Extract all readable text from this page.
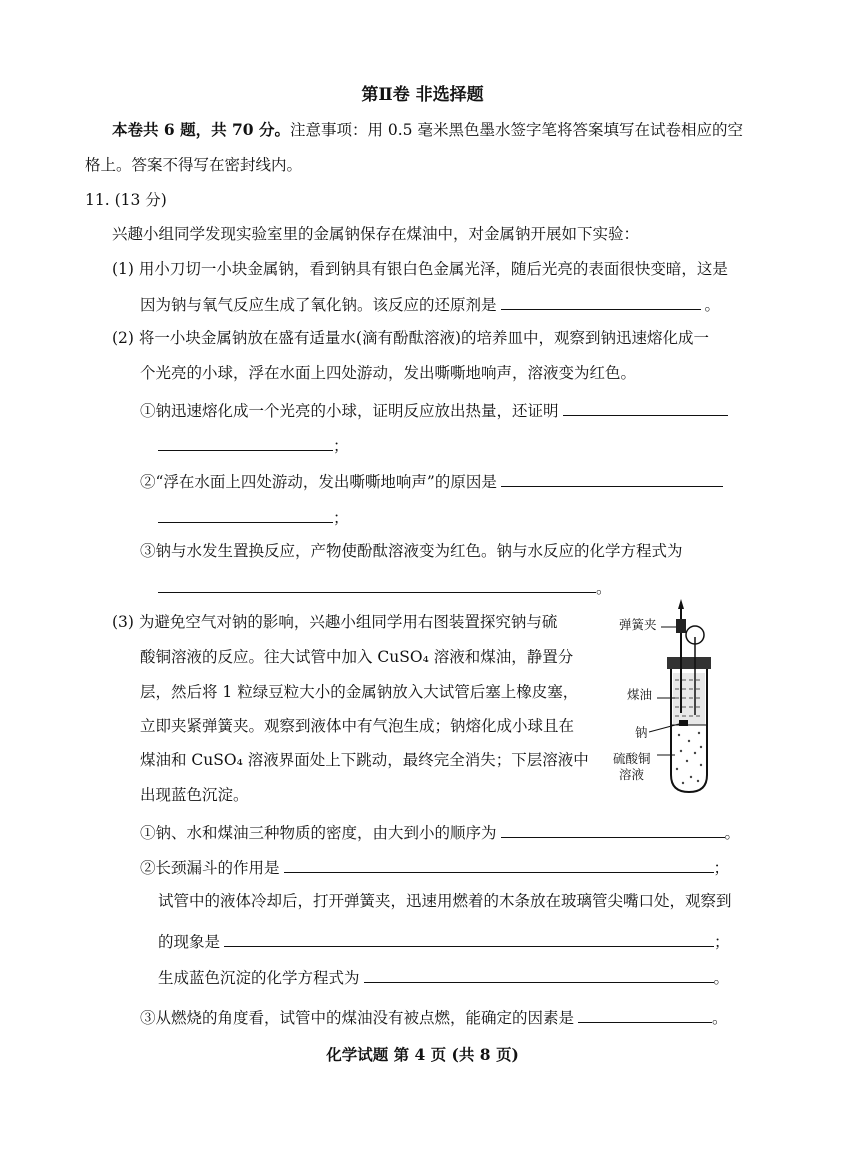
第Ⅱ卷 非选择题
本卷共 6 题，共 70 分。注意事项：用 0.5 毫米黑色墨水签字笔将答案填写在试卷相应的空
格上。答案不得写在密封线内。
11. (13 分)
兴趣小组同学发现实验室里的金属钠保存在煤油中，对金属钠开展如下实验：
(1) 用小刀切一小块金属钠，看到钠具有银白色金属光泽，随后光亮的表面很快变暗，这是
因为钠与氧气反应生成了氧化钠。该反应的还原剂是	。
(2) 将一小块金属钠放在盛有适量水(滴有酚酞溶液)的培养皿中，观察到钠迅速熔化成一
个光亮的小球，浮在水面上四处游动，发出嘶嘶地响声，溶液变为红色。
①钠迅速熔化成一个光亮的小球，证明反应放出热量，还证明
；
②“浮在水面上四处游动，发出嘶嘶地响声”的原因是
；
③钠与水发生置换反应，产物使酚酞溶液变为红色。钠与水反应的化学方程式为
。
(3) 为避免空气对钠的影响，兴趣小组同学用右图装置探究钠与硫
酸铜溶液的反应。往大试管中加入 CuSO₄ 溶液和煤油，静置分
层，然后将 1 粒绿豆粒大小的金属钠放入大试管后塞上橡皮塞，
立即夹紧弹簧夹。观察到液体中有气泡生成；钠熔化成小球且在
煤油和 CuSO₄ 溶液界面处上下跳动，最终完全消失；下层溶液中
出现蓝色沉淀。
①钠、水和煤油三种物质的密度，由大到小的顺序为	。
②长颈漏斗的作用是	；
试管中的液体冷却后，打开弹簧夹，迅速用燃着的木条放在玻璃管尖嘴口处，观察到
的现象是	；
生成蓝色沉淀的化学方程式为	。
③从燃烧的角度看，试管中的煤油没有被点燃，能确定的因素是	。
弹簧夹
煤油
钠
硫酸铜
溶液
化学试题 第 4 页 (共 8 页)
